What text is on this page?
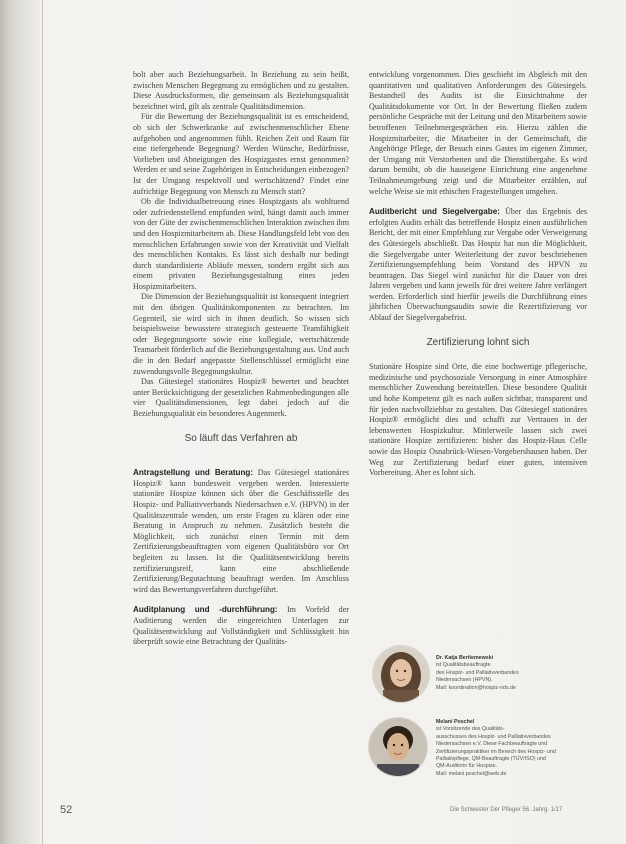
bolt aber auch Beziehungsarbeit. In Beziehung zu sein heißt, zwischen Menschen Begegnung zu ermöglichen und zu gestalten. Diese Ausdrucksformen, die gemeinsam als Beziehungsqualität bezeichnet wird, gilt als zentrale Qualitätsdimension.

Für die Bewertung der Beziehungsqualität ist es entscheidend, ob sich der Schwerkranke auf zwischenmenschlicher Ebene aufgehoben und angenommen fühlt. Reichen Zeit und Raum für eine tiefergehende Begegnung? Werden Wünsche, Bedürfnisse, Vorlieben und Abneigungen des Hospizgastes ernst genommen? Werden er und seine Zugehörigen in Entscheidungen einbezogen? Ist der Umgang respektvoll und wertschätzend? Findet eine aufrichtige Begegnung von Mensch zu Mensch statt?

Ob die Individualbetreuung eines Hospizgasts als wohltuend oder zufriedenstellend empfunden wird, hängt damit auch immer von der Güte der zwischenmenschlichen Interaktion zwischen ihm und den Hospizmitarbeitern ab. Diese Handlungsfeld lebt von den menschlichen Erfahrungen sowie von der Kreativität und Vielfalt des menschlichen Kontakts. Es lässt sich deshalb nur bedingt durch standardisierte Abläufe messen, sondern ergibt sich aus einem privaten Beziehungsgestaltung eines jeden Hospizmitarbeiters.

Die Dimension der Beziehungsqualität ist konsequent integriert mit den übrigen Qualitätskomponenten zu betrachten. Im Gegenteil, sie wird sich in ihnen deutlich. So wissen sich beispielsweise bewusstere strategisch gesteuerte Teamfähigkeit oder Begegnungsorte sowie eine kollegiale, wertschätzende Teamarbeit förderlich auf die Beziehungsgestaltung aus. Und auch die in den Bedarf angepasste Stellenschlüssel ermöglicht eine zuwendungsvolle Begegnungskultur.

Das Gütesiegel stationäres Hospiz® bewertet und beachtet unter Berücksichtigung der gesetzlichen Rahmenbedingungen alle vier Qualitätsdimensionen, legt dabei jedoch auf die Beziehungsqualität ein besonderes Augenmerk.

So läuft das Verfahren ab

Antragstellung und Beratung: Das Gütesiegel stationäres Hospiz® kann bundesweit vergeben werden. Interessierte stationäre Hospize können sich über die Geschäftsstelle des Hospiz- und Palliativverbands Niedersachsen e.V. (HPVN) in der Qualitätszentrale wenden, um erste Fragen zu klären oder eine Beratung in Anspruch zu nehmen. Zusätzlich besteht die Möglichkeit, sich zunächst einen Termin mit dem Zertifizierungsbeauftragten vom eigenen Qualitätsbüro vor Ort begleiten zu lassen. Ist die Qualitätsentwicklung bereits zertifizierungsreif, kann eine abschließende Zertifizierung/Begutachtung beauftragt werden. Im Anschluss wird das Bewertungsverfahren durchgeführt.

Auditplanung und -durchführung: Im Vorfeld der Auditierung werden die eingereichten Unterlagen zur Qualitätsentwicklung auf Vollständigkeit und Schlüssigkeit hin überprüft sowie eine Betrachtung der Qualitäts-

entwicklung vorgenommen. Dies geschieht im Abgleich mit den quantitativen und qualitativen Anforderungen des Gütesiegels. Bestandteil des Audits ist die Einsichtnahme der Qualitätsdokumente vor Ort. In der Bewertung fließen zudem persönliche Gespräche mit der Leitung und den Mitarbeitern sowie betroffenen Teilnehmergesprächen ein. Hierzu zählen die Hospizmitarbeiter, die Mitarbeiter in der Gemeinschaft, die Angehörige Pflege, der Besuch eines Gastes im eigenen Zimmer, der Umgang mit Verstorbenen und die Dienstübergabe. Es wird darum bemüht, ob die hauseigene Einrichtung eine angenehme Teilnahmeumgebung zeigt und die Mitarbeiter erzählen, auf welche Weise sie mit ethischen Fragestellungen umgehen.

Auditbericht und Siegelvergabe: Über das Ergebnis des erfolgten Audits erhält das betreffende Hospiz einen ausführlichen Bericht, der mit einer Empfehlung zur Vergabe oder Verweigerung des Gütesiegels abschließt. Das Hospiz hat nun die Möglichkeit, die Siegelvergabe unter Weiterleitung der zuvor beschriebenen Zertifizierungsempfehlung beim Vorstand des HPVN zu beantragen. Das Siegel wird zunächst für die Dauer von drei Jahren vergeben und kann jeweils für drei weitere Jahre verlängert werden. Erforderlich sind hierfür jeweils die Durchführung eines jährlichen Überwachungsaudits sowie die Rezertifizierung vor Ablauf der Siegelvergabefrist.

Zertifizierung lohnt sich

Stationäre Hospize sind Orte, die eine hochwertige pflegerische, medizinische und psychosoziale Versorgung in einer Atmosphäre menschlicher Zuwendung bereitstellen. Diese besondere Qualität und hohe Kompetenz gilt es nach außen sichtbar, transparent und für jeden nachvollziehbar zu gestalten. Das Gütesiegel stationäres Hospiz® ermöglicht dies und schafft zur Vertrauen in der lebenswerten Hospizkultur. Mittlerweile lassen sich zwei stationäre Hospize zertifizieren: bisher das Hospiz-Haus Celle sowie das Hospiz Osnabrück-Wiesen-Vorgebershausen haben. Der Weg zur Zertifizierung bedarf einer guten, intensiven Vorbereitung. Aber es lohnt sich.

Dr. Katja Bertlemewski
ist Qualitätsbeauftragte
des Hospiz- und Palliativverbandes
Niedersachsen (HPVN).
Mail: koordination@hospiz-nds.de
Melani Poschel
ist Vorsitzende des Qualitäts-
ausschusses des Hospiz- und Palliativverbandes
Niedersachsen e.V. Diese Fachbeauftragte und
Zertifizierungspraktiker im Bereich des Hospiz- und
Palliativpflege, QM-Beauftragte (TÜV/ISO) und
QM-Auditorin für Hospize.
Mail: melani.poschel@web.de
52	Die Schwester Der Pfleger 56. Jahrg. 1/17
